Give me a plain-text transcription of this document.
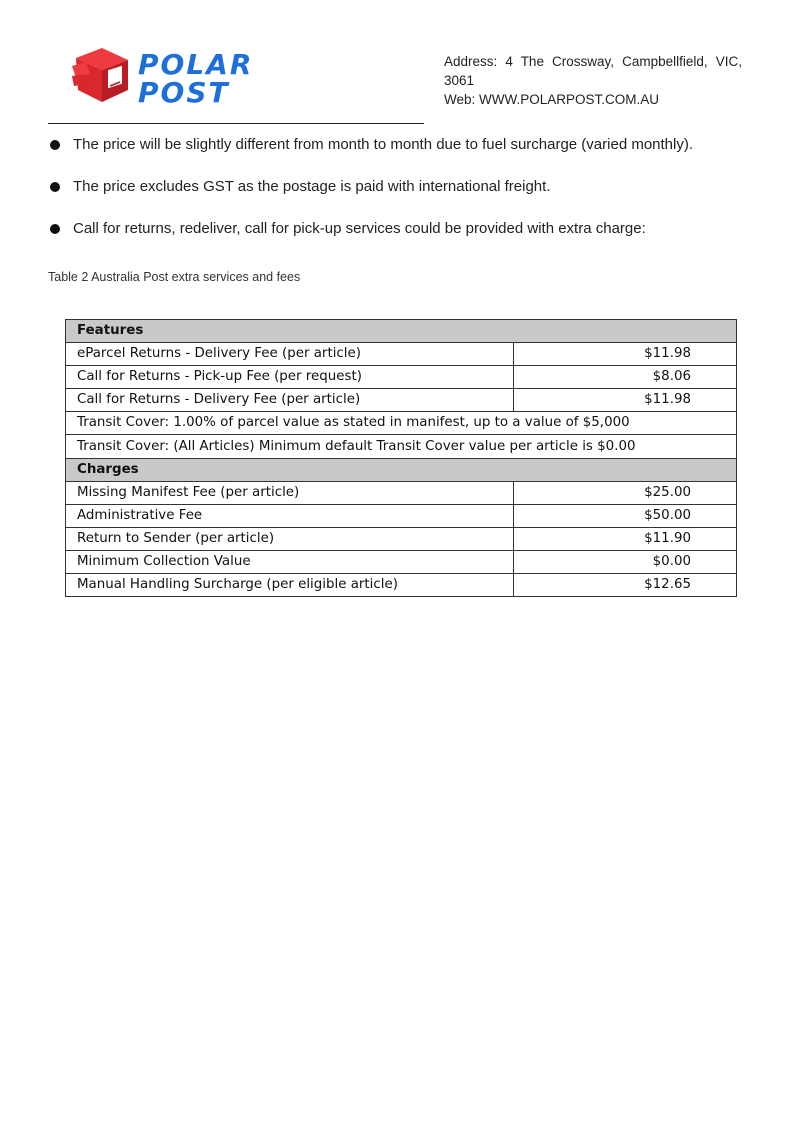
POLAR
POST
Address: 4 The Crossway, Campbellfield, VIC,
3061
Web: WWW.POLARPOST.COM.AU
The price will be slightly different from month to month due to fuel surcharge (varied monthly).
The price excludes GST as the postage is paid with international freight.
Call for returns, redeliver, call for pick-up services could be provided with extra charge:
Table 2 Australia Post extra services and fees
Features	
eParcel Returns - Delivery Fee (per article)	$11.98
Call for Returns - Pick-up Fee (per request)	$8.06
Call for Returns - Delivery Fee (per article)	$11.98
Transit Cover: 1.00% of parcel value as stated in manifest, up to a value of $5,000	
Transit Cover: (All Articles) Minimum default Transit Cover value per article is $0.00	
Charges	
Missing Manifest Fee (per article)	$25.00
Administrative Fee	$50.00
Return to Sender (per article)	$11.90
Minimum Collection Value	$0.00
Manual Handling Surcharge (per eligible article)	$12.65
